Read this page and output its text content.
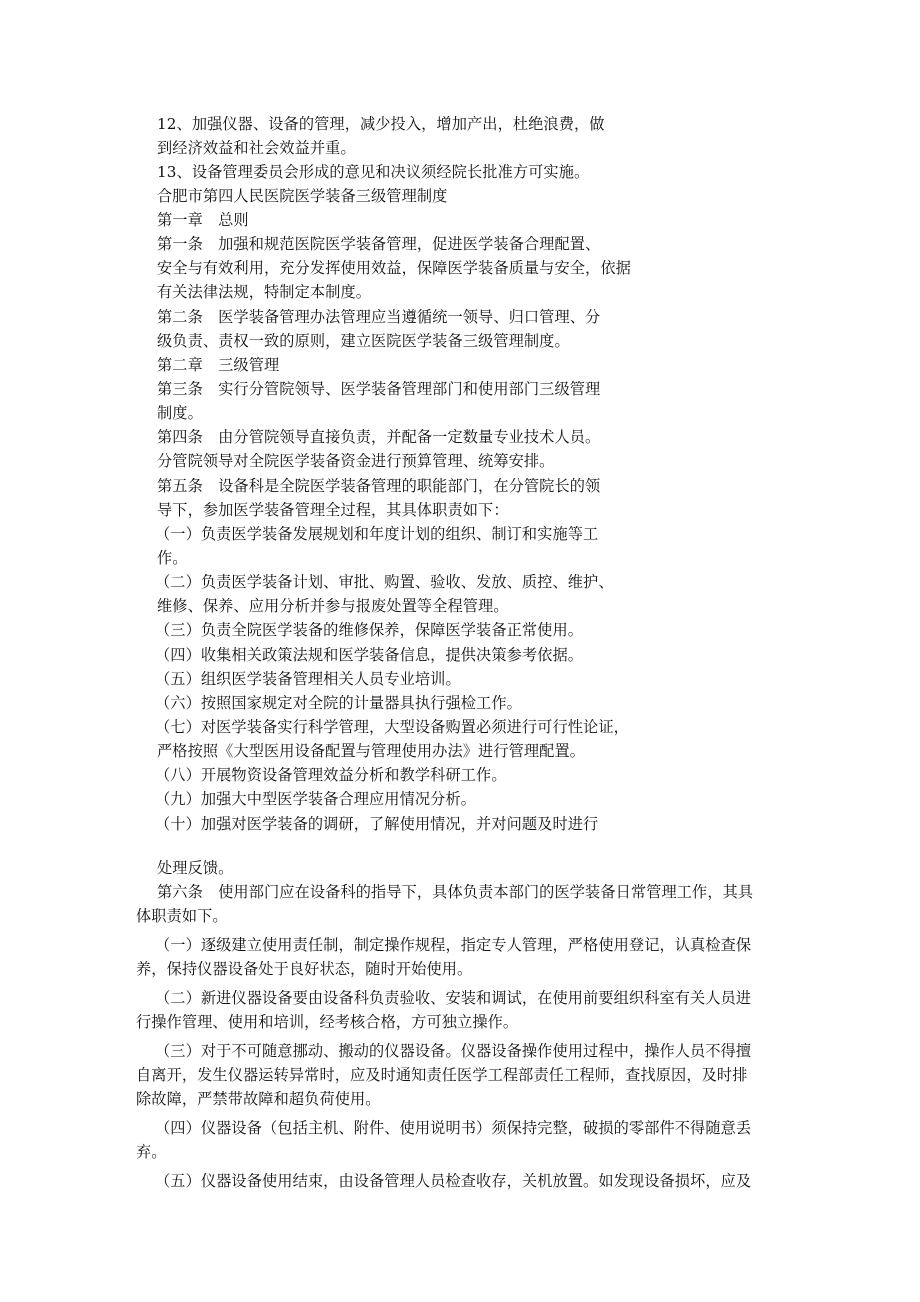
12、加强仪器、设备的管理，减少投入，增加产出，杜绝浪费，做
到经济效益和社会效益并重。
13、设备管理委员会形成的意见和决议须经院长批准方可实施。
合肥市第四人民医院医学装备三级管理制度
第一章　总则
第一条　加强和规范医院医学装备管理，促进医学装备合理配置、
安全与有效利用，充分发挥使用效益，保障医学装备质量与安全，依据
有关法律法规，特制定本制度。
第二条　医学装备管理办法管理应当遵循统一领导、归口管理、分
级负责、责权一致的原则，建立医院医学装备三级管理制度。
第二章　三级管理
第三条　实行分管院领导、医学装备管理部门和使用部门三级管理
制度。
第四条　由分管院领导直接负责，并配备一定数量专业技术人员。
分管院领导对全院医学装备资金进行预算管理、统筹安排。
第五条　设备科是全院医学装备管理的职能部门，在分管院长的领
导下，参加医学装备管理全过程，其具体职责如下：
（一）负责医学装备发展规划和年度计划的组织、制订和实施等工
作。
（二）负责医学装备计划、审批、购置、验收、发放、质控、维护、
维修、保养、应用分析并参与报废处置等全程管理。
（三）负责全院医学装备的维修保养，保障医学装备正常使用。
（四）收集相关政策法规和医学装备信息，提供决策参考依据。
（五）组织医学装备管理相关人员专业培训。
（六）按照国家规定对全院的计量器具执行强检工作。
（七）对医学装备实行科学管理，大型设备购置必须进行可行性论证，
严格按照《大型医用设备配置与管理使用办法》进行管理配置。
（八）开展物资设备管理效益分析和教学科研工作。
（九）加强大中型医学装备合理应用情况分析。
（十）加强对医学装备的调研，了解使用情况，并对问题及时进行
处理反馈。
第六条　使用部门应在设备科的指导下，具体负责本部门的医学装备日常管理工作，其具
体职责如下。
（一）逐级建立使用责任制，制定操作规程，指定专人管理，严格使用登记，认真检查保
养，保持仪器设备处于良好状态，随时开始使用。
（二）新进仪器设备要由设备科负责验收、安装和调试，在使用前要组织科室有关人员进
行操作管理、使用和培训，经考核合格，方可独立操作。
（三）对于不可随意挪动、搬动的仪器设备。仪器设备操作使用过程中，操作人员不得擅
自离开，发生仪器运转异常时，应及时通知责任医学工程部责任工程师，查找原因，及时排
除故障，严禁带故障和超负荷使用。
（四）仪器设备（包括主机、附件、使用说明书）须保持完整，破损的零部件不得随意丢
弃。
（五）仪器设备使用结束，由设备管理人员检查收存，关机放置。如发现设备损坏，应及
